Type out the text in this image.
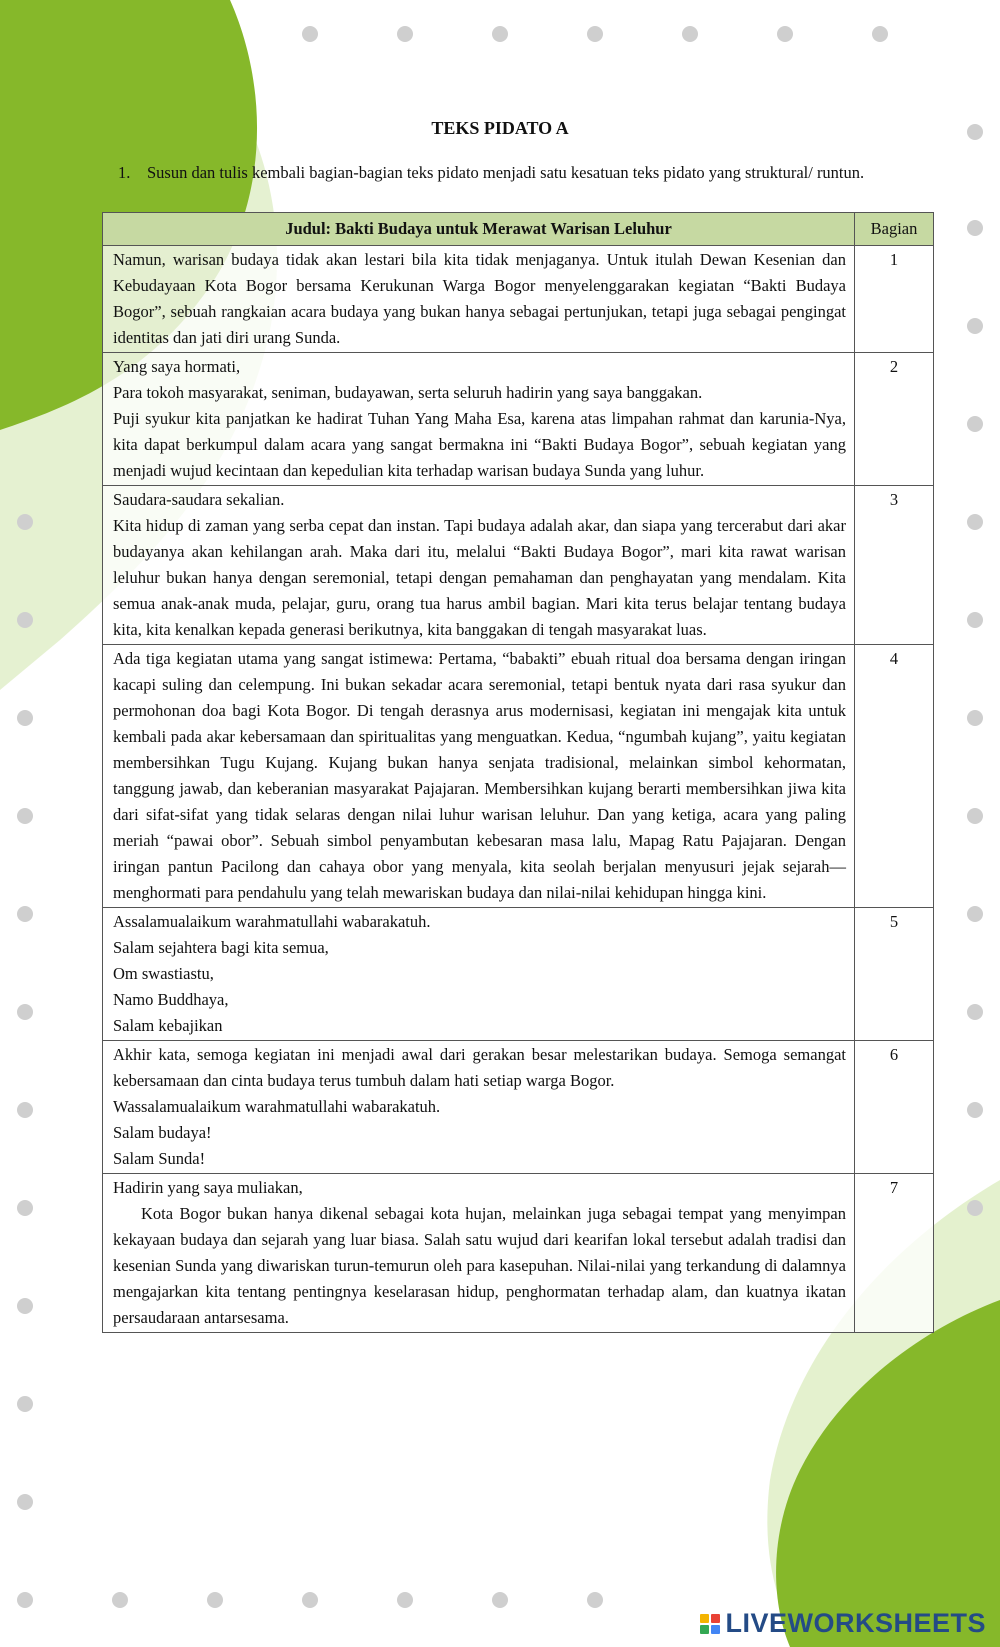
TEKS PIDATO A
1.	Susun dan tulis kembali bagian-bagian teks pidato menjadi satu kesatuan teks pidato yang struktural/ runtun.
Judul: Bakti Budaya untuk Merawat Warisan Leluhur	Bagian

Namun, warisan budaya tidak akan lestari bila kita tidak menjaganya. Untuk itulah Dewan Kesenian dan Kebudayaan Kota Bogor bersama Kerukunan Warga Bogor menyelenggarakan kegiatan “Bakti Budaya Bogor”, sebuah rangkaian acara budaya yang bukan hanya sebagai pertunjukan, tetapi juga sebagai pengingat identitas dan jati diri urang Sunda.	1

Yang saya hormati,
Para tokoh masyarakat, seniman, budayawan, serta seluruh hadirin yang saya banggakan.
Puji syukur kita panjatkan ke hadirat Tuhan Yang Maha Esa, karena atas limpahan rahmat dan karunia-Nya, kita dapat berkumpul dalam acara yang sangat bermakna ini “Bakti Budaya Bogor”, sebuah kegiatan yang menjadi wujud kecintaan dan kepedulian kita terhadap warisan budaya Sunda yang luhur.	2

Saudara-saudara sekalian.
Kita hidup di zaman yang serba cepat dan instan. Tapi budaya adalah akar, dan siapa yang tercerabut dari akar budayanya akan kehilangan arah. Maka dari itu, melalui “Bakti Budaya Bogor”, mari kita rawat warisan leluhur bukan hanya dengan seremonial, tetapi dengan pemahaman dan penghayatan yang mendalam. Kita semua anak-anak muda, pelajar, guru, orang tua harus ambil bagian. Mari kita terus belajar tentang budaya kita, kita kenalkan kepada generasi berikutnya, kita banggakan di tengah masyarakat luas.	3

Ada tiga kegiatan utama yang sangat istimewa: Pertama, “babakti” ebuah ritual doa bersama dengan iringan kacapi suling dan celempung. Ini bukan sekadar acara seremonial, tetapi bentuk nyata dari rasa syukur dan permohonan doa bagi Kota Bogor. Di tengah derasnya arus modernisasi, kegiatan ini mengajak kita untuk kembali pada akar kebersamaan dan spiritualitas yang menguatkan. Kedua, “ngumbah kujang”, yaitu kegiatan membersihkan Tugu Kujang. Kujang bukan hanya senjata tradisional, melainkan simbol kehormatan, tanggung jawab, dan keberanian masyarakat Pajajaran. Membersihkan kujang berarti membersihkan jiwa kita dari sifat-sifat yang tidak selaras dengan nilai luhur warisan leluhur. Dan yang ketiga, acara yang paling meriah “pawai obor”. Sebuah simbol penyambutan kebesaran masa lalu, Mapag Ratu Pajajaran. Dengan iringan pantun Pacilong dan cahaya obor yang menyala, kita seolah berjalan menyusuri jejak sejarah—menghormati para pendahulu yang telah mewariskan budaya dan nilai-nilai kehidupan hingga kini.	4

Assalamualaikum warahmatullahi wabarakatuh.
Salam sejahtera bagi kita semua,
Om swastiastu,
Namo Buddhaya,
Salam kebajikan	5

Akhir kata, semoga kegiatan ini menjadi awal dari gerakan besar melestarikan budaya. Semoga semangat kebersamaan dan cinta budaya terus tumbuh dalam hati setiap warga Bogor.
Wassalamualaikum warahmatullahi wabarakatuh.
Salam budaya!
Salam Sunda!	6

Hadirin yang saya muliakan,
Kota Bogor bukan hanya dikenal sebagai kota hujan, melainkan juga sebagai tempat yang menyimpan kekayaan budaya dan sejarah yang luar biasa. Salah satu wujud dari kearifan lokal tersebut adalah tradisi dan kesenian Sunda yang diwariskan turun-temurun oleh para kasepuhan. Nilai-nilai yang terkandung di dalamnya mengajarkan kita tentang pentingnya keselarasan hidup, penghormatan terhadap alam, dan kuatnya ikatan persaudaraan antarsesama.	7
LIVEWORKSHEETS
